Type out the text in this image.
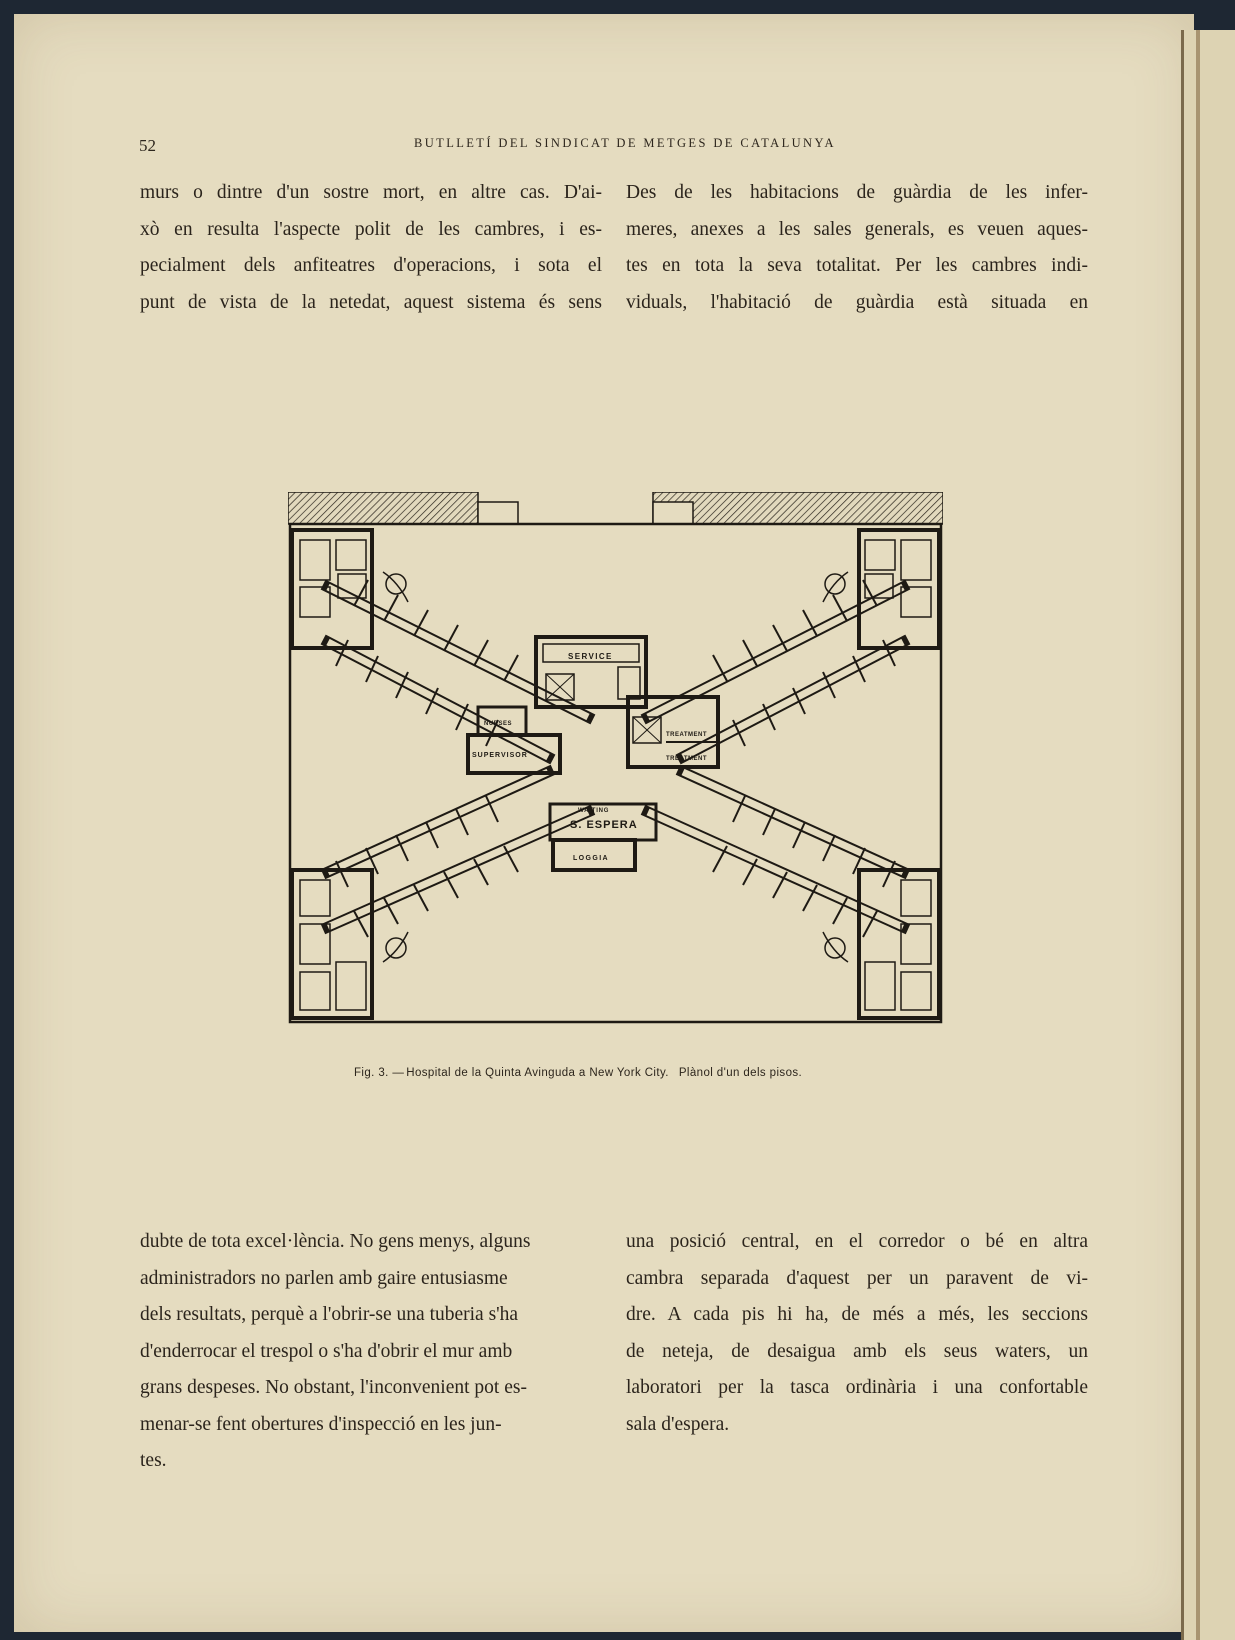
52	BUTLLETÍ DEL SINDICAT DE METGES DE CATALUNYA
murs o dintre d'un sostre mort, en altre cas. D'ai-
xò en resulta l'aspecte polit de les cambres, i es-
pecialment dels anfiteatres d'operacions, i sota el
punt de vista de la netedat, aquest sistema és sens
Des de les habitacions de guàrdia de les infer-
meres, anexes a les sales generals, es veuen aques-
tes en tota la seva totalitat. Per les cambres indi-
viduals, l'habitació de guàrdia està situada en
SERVICE
NURSES
SUPERVISOR
TREATMENT
TREATMENT
WAITING
S. ESPERA
LOGGIA
Fig. 3. — Hospital de la Quinta Avinguda a New York City. Plànol d'un dels pisos.
dubte de tota excel·lència. No gens menys, alguns
administradors no parlen amb gaire entusiasme
dels resultats, perquè a l'obrir-se una tuberia s'ha
d'enderrocar el trespol o s'ha d'obrir el mur amb
grans despeses. No obstant, l'inconvenient pot es-
menar-se fent obertures d'inspecció en les jun-
tes.
una posició central, en el corredor o bé en altra
cambra separada d'aquest per un paravent de vi-
dre. A cada pis hi ha, de més a més, les seccions
de neteja, de desaigua amb els seus waters, un
laboratori per la tasca ordinària i una confortable
sala d'espera.
